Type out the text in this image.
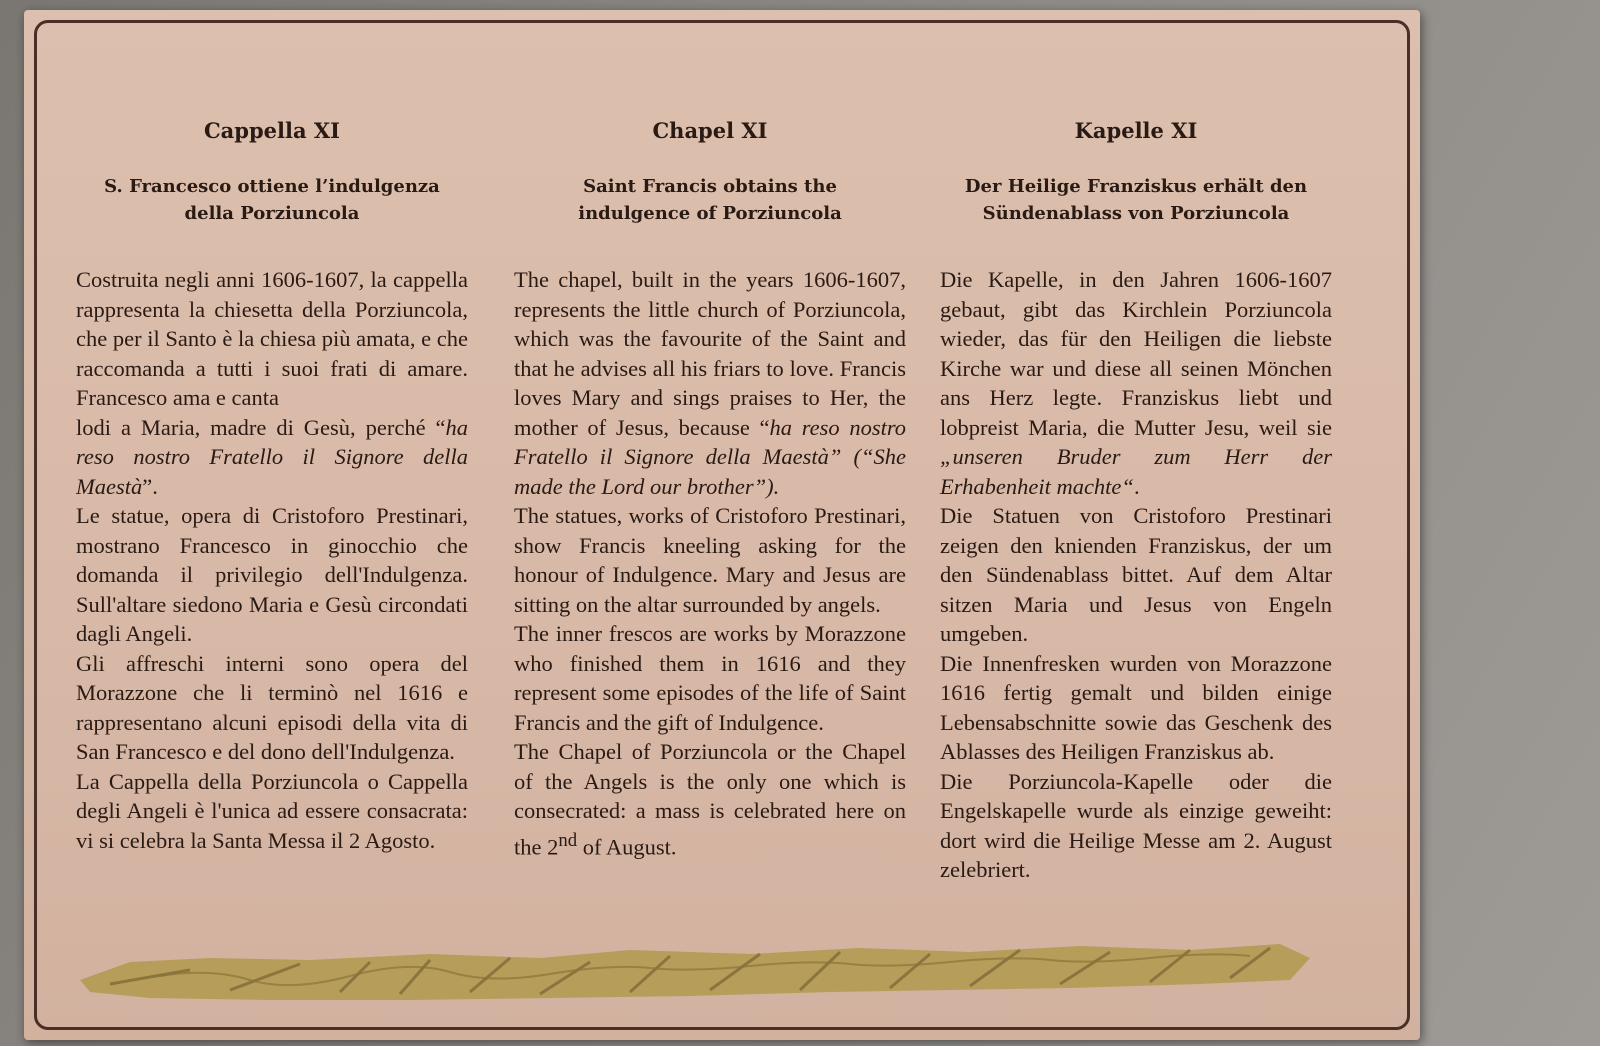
Cappella XI
S. Francesco ottiene l’indulgenza della Porziuncola

Costruita negli anni 1606-1607, la cappella rappresenta la chiesetta della Porziuncola, che per il Santo è la chiesa più amata, e che raccomanda a tutti i suoi frati di amare. Francesco ama e canta

lodi a Maria, madre di Gesù, perché “ha reso nostro Fratello il Signore della Maestà”.

Le statue, opera di Cristoforo Prestinari, mostrano Francesco in ginocchio che domanda il privilegio dell'Indulgenza. Sull'altare siedono Maria e Gesù circondati dagli Angeli.

Gli affreschi interni sono opera del Morazzone che li terminò nel 1616 e rappresentano alcuni episodi della vita di San Francesco e del dono dell'Indulgenza.

La Cappella della Porziuncola o Cappella degli Angeli è l'unica ad essere consacrata: vi si celebra la Santa Messa il 2 Agosto.

Chapel XI
Saint Francis obtains the indulgence of Porziuncola

The chapel, built in the years 1606-1607, represents the little church of Porziuncola, which was the favourite of the Saint and that he advises all his friars to love. Francis loves Mary and sings praises to Her, the mother of Jesus, because “ha reso nostro Fratello il Signore della Maestà” (“She made the Lord our brother”).

The statues, works of Cristoforo Prestinari, show Francis kneeling asking for the honour of Indulgence. Mary and Jesus are sitting on the altar surrounded by angels.

The inner frescos are works by Morazzone who finished them in 1616 and they represent some episodes of the life of Saint Francis and the gift of Indulgence.

The Chapel of Porziuncola or the Chapel of the Angels is the only one which is consecrated: a mass is celebrated here on the 2nd of August.

Kapelle XI
Der Heilige Franziskus erhält den Sündenablass von Porziuncola

Die Kapelle, in den Jahren 1606-1607 gebaut, gibt das Kirchlein Porziuncola wieder, das für den Heiligen die liebste Kirche war und diese all seinen Mönchen ans Herz legte. Franziskus liebt und lobpreist Maria, die Mutter Jesu, weil sie „unseren Bruder zum Herr der Erhabenheit machte“.

Die Statuen von Cristoforo Prestinari zeigen den knienden Franziskus, der um den Sündenablass bittet. Auf dem Altar sitzen Maria und Jesus von Engeln umgeben.

Die Innenfresken wurden von Morazzone 1616 fertig gemalt und bilden einige Lebensabschnitte sowie das Geschenk des Ablasses des Heiligen Franziskus ab.

Die Porziuncola-Kapelle oder die Engelskapelle wurde als einzige geweiht: dort wird die Heilige Messe am 2. August zelebriert.
